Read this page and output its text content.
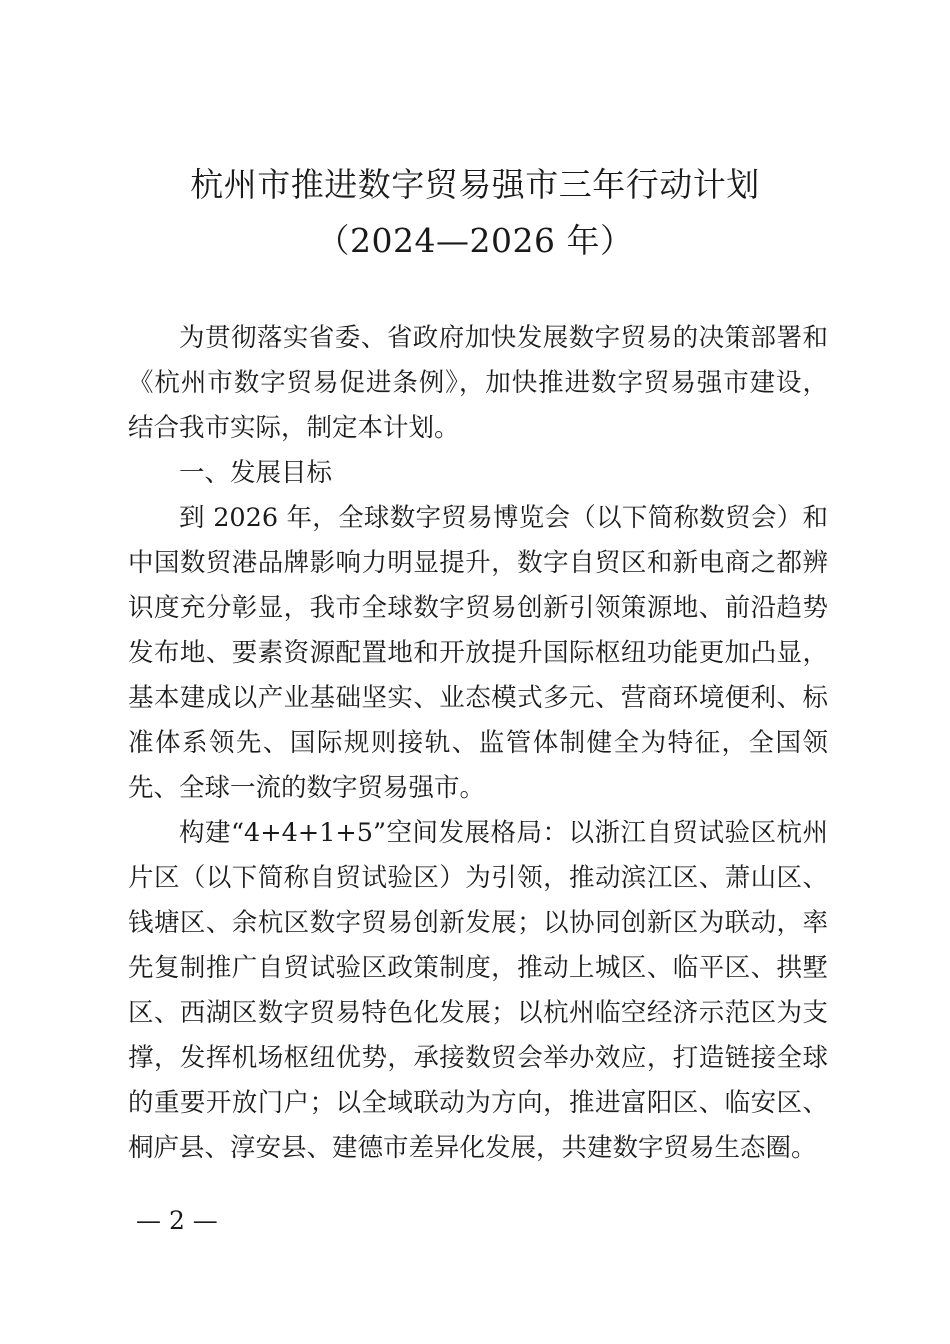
杭州市推进数字贸易强市三年行动计划
（2024—2026 年）

为贯彻落实省委、省政府加快发展数字贸易的决策部署和《杭州市数字贸易促进条例》，加快推进数字贸易强市建设，结合我市实际，制定本计划。

一、发展目标

到 2026 年，全球数字贸易博览会（以下简称数贸会）和中国数贸港品牌影响力明显提升，数字自贸区和新电商之都辨识度充分彰显，我市全球数字贸易创新引领策源地、前沿趋势发布地、要素资源配置地和开放提升国际枢纽功能更加凸显，基本建成以产业基础坚实、业态模式多元、营商环境便利、标准体系领先、国际规则接轨、监管体制健全为特征，全国领先、全球一流的数字贸易强市。

构建“4+4+1+5”空间发展格局：以浙江自贸试验区杭州片区（以下简称自贸试验区）为引领，推动滨江区、萧山区、钱塘区、余杭区数字贸易创新发展；以协同创新区为联动，率先复制推广自贸试验区政策制度，推动上城区、临平区、拱墅区、西湖区数字贸易特色化发展；以杭州临空经济示范区为支撑，发挥机场枢纽优势，承接数贸会举办效应，打造链接全球的重要开放门户；以全域联动为方向，推进富阳区、临安区、桐庐县、淳安县、建德市差异化发展，共建数字贸易生态圈。

— 2 —
